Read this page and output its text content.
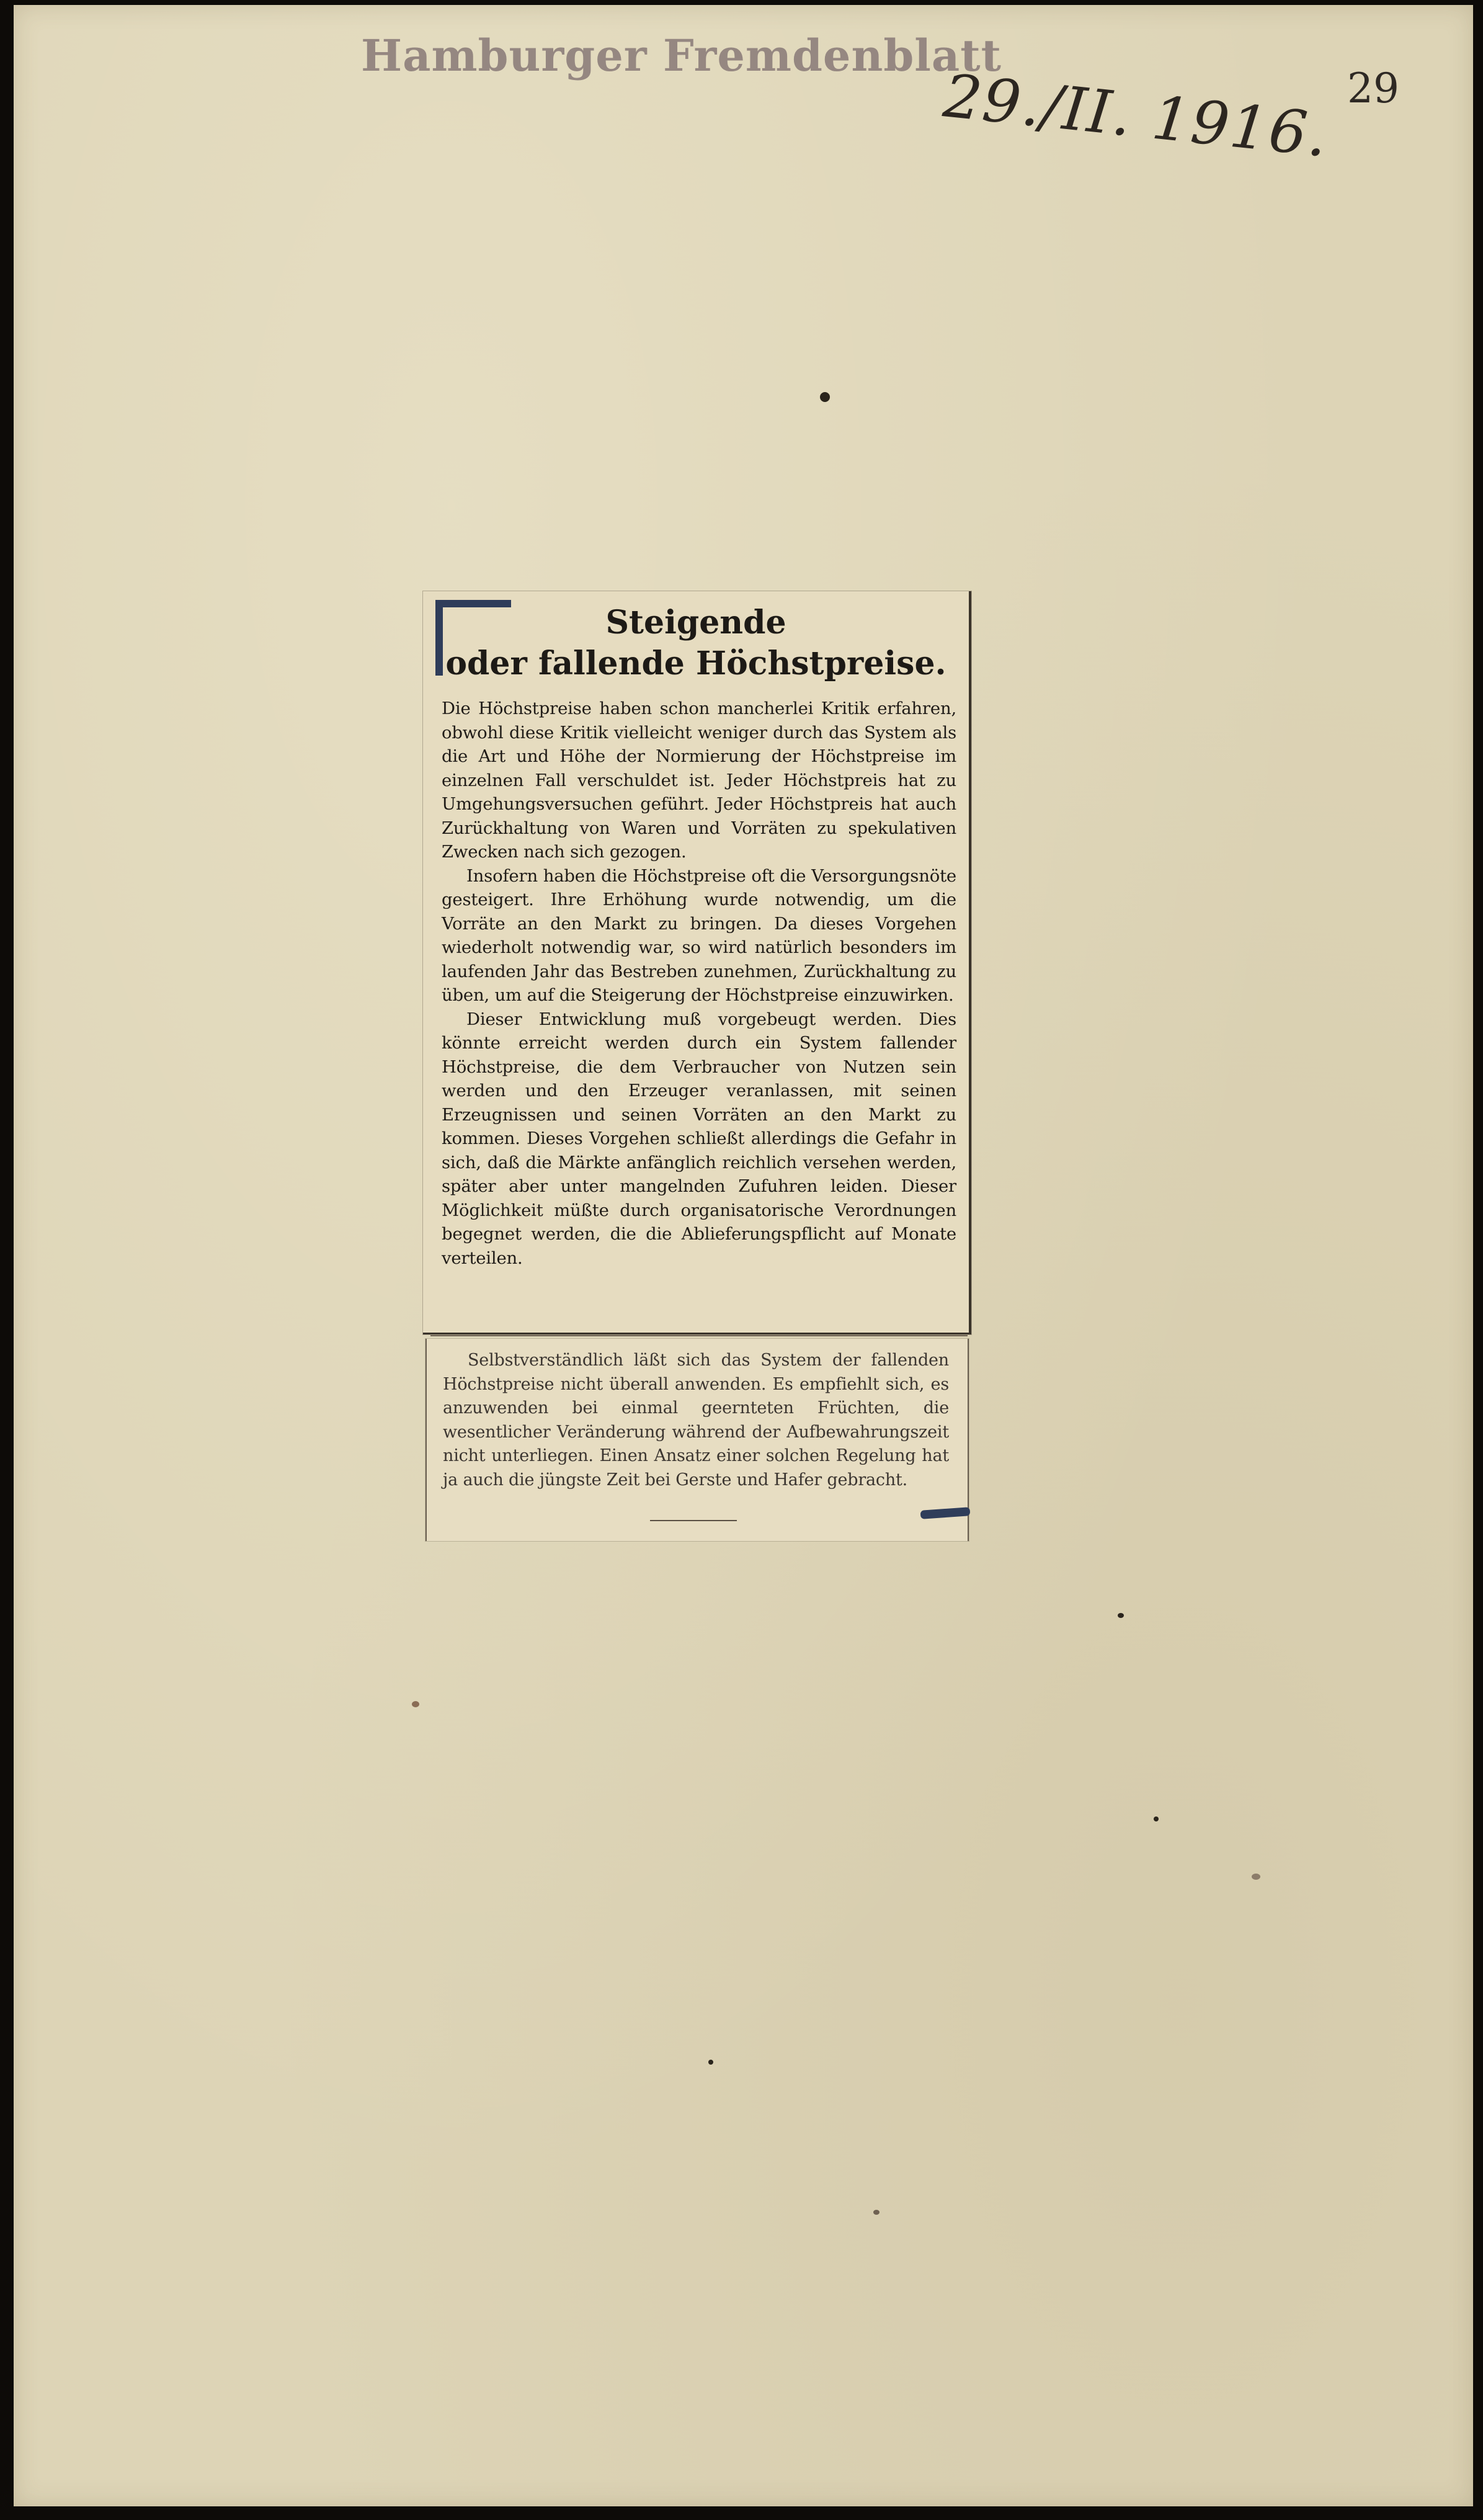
Hamburger Fremdenblatt
29./II. 1916. 29
Steigende
oder fallende Höchstpreise.

Die Höchstpreise haben schon mancherlei Kritik erfahren, obwohl diese Kritik vielleicht weniger durch das System als die Art und Höhe der Normierung der Höchstpreise im einzelnen Fall verschuldet ist. Jeder Höchstpreis hat zu Umgehungsversuchen geführt. Jeder Höchstpreis hat auch Zurückhaltung von Waren und Vorräten zu spekulativen Zwecken nach sich gezogen.

Insofern haben die Höchstpreise oft die Versorgungsnöte gesteigert. Ihre Erhöhung wurde notwendig, um die Vorräte an den Markt zu bringen. Da dieses Vorgehen wiederholt notwendig war, so wird natürlich besonders im laufenden Jahr das Bestreben zunehmen, Zurückhaltung zu üben, um auf die Steigerung der Höchstpreise einzuwirken.

Dieser Entwicklung muß vorgebeugt werden. Dies könnte erreicht werden durch ein System fallender Höchstpreise, die dem Verbraucher von Nutzen sein werden und den Erzeuger veranlassen, mit seinen Erzeugnissen und seinen Vorräten an den Markt zu kommen. Dieses Vorgehen schließt allerdings die Gefahr in sich, daß die Märkte anfänglich reichlich versehen werden, später aber unter mangelnden Zufuhren leiden. Dieser Möglichkeit müßte durch organisatorische Verordnungen begegnet werden, die die Ablieferungspflicht auf Monate verteilen.

Selbstverständlich läßt sich das System der fallenden Höchstpreise nicht überall anwenden. Es empfiehlt sich, es anzuwenden bei einmal geernteten Früchten, die wesentlicher Veränderung während der Aufbewahrungszeit nicht unterliegen. Einen Ansatz einer solchen Regelung hat ja auch die jüngste Zeit bei Gerste und Hafer gebracht.
